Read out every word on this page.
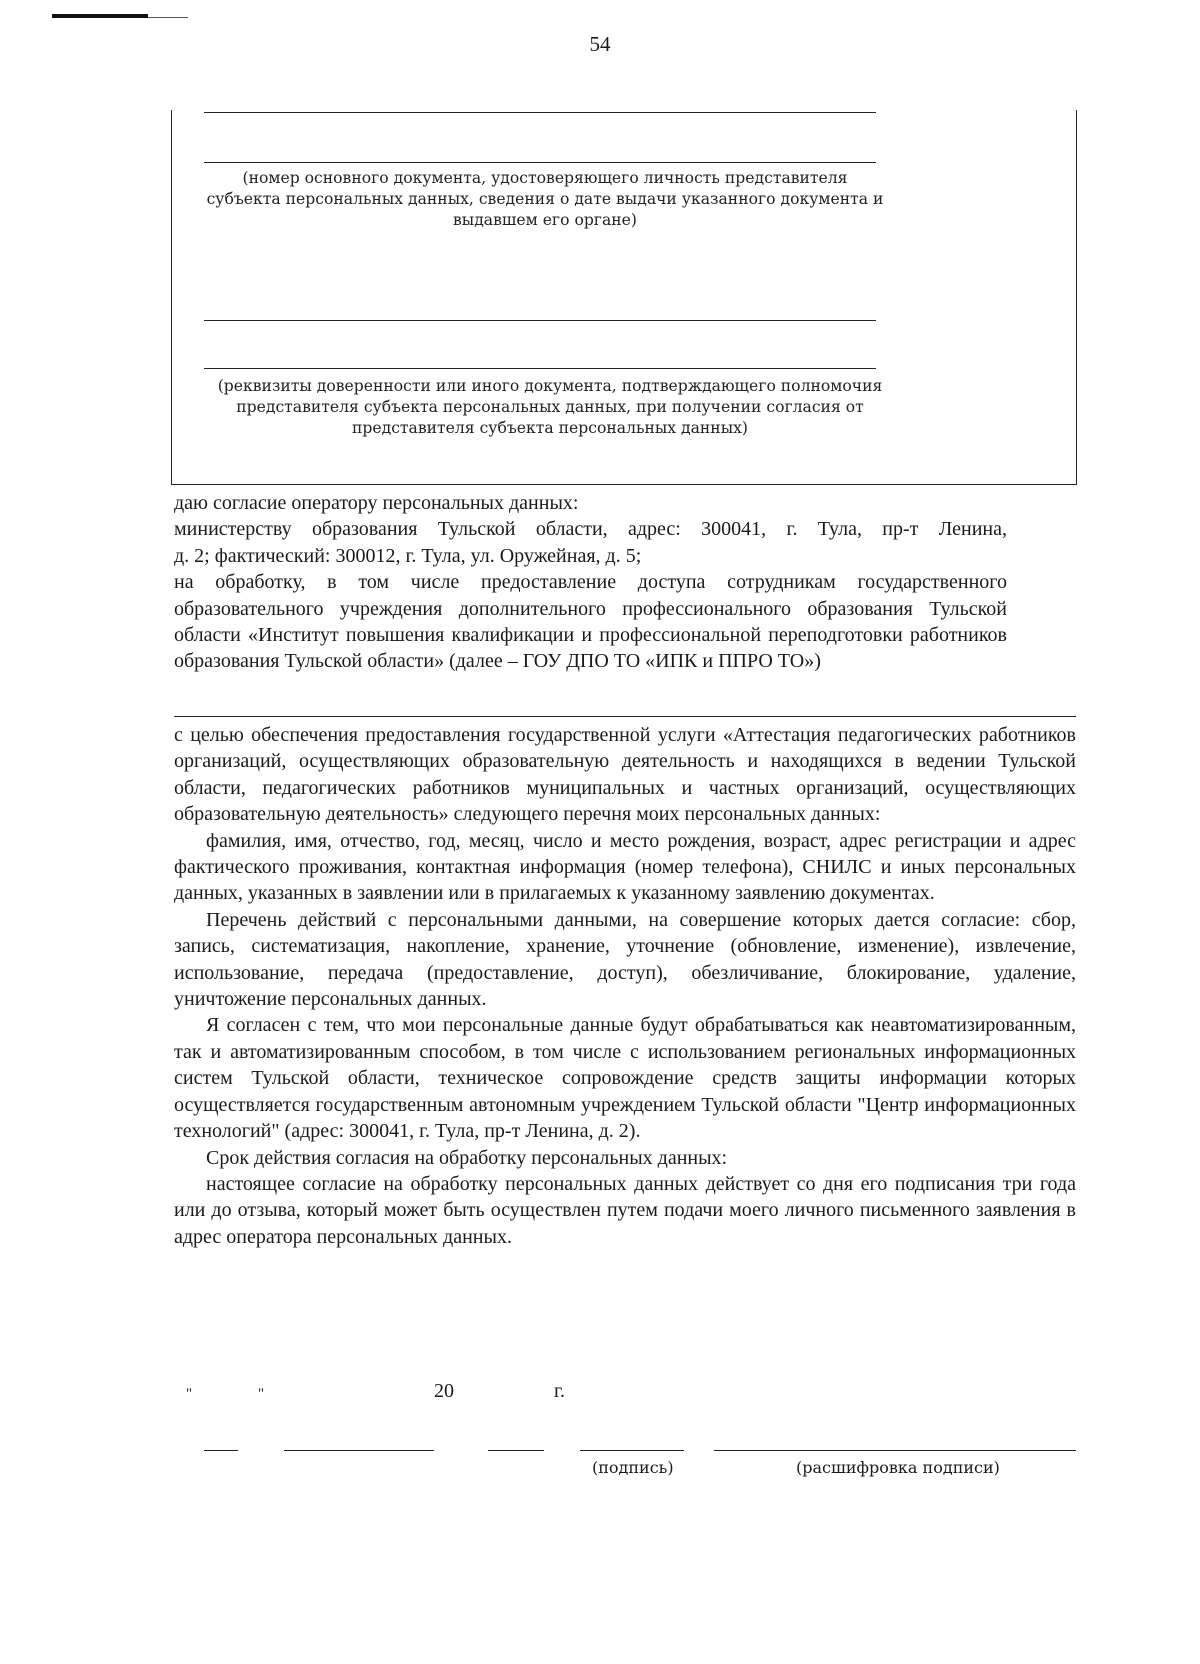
54
(номер основного документа, удостоверяющего личность представителя
субъекта персональных данных, сведения о дате выдачи указанного документа и
выдавшем его органе)
(реквизиты доверенности или иного документа, подтверждающего полномочия
представителя субъекта персональных данных, при получении согласия от
представителя субъекта персональных данных)

даю согласие оператору персональных данных:

министерству образования Тульской области, адрес: 300041, г. Тула, пр-т Ленина,

д. 2; фактический: 300012, г. Тула, ул. Оружейная, д. 5;

на обработку, в том числе предоставление доступа сотрудникам государственного образовательного учреждения дополнительного профессионального образования Тульской области «Институт повышения квалификации и профессиональной переподготовки работников образования Тульской области» (далее – ГОУ ДПО ТО «ИПК и ППРО ТО»)

с целью обеспечения предоставления государственной услуги «Аттестация педагогических работников организаций, осуществляющих образовательную деятельность и находящихся в ведении Тульской области, педагогических работников муниципальных и частных организаций, осуществляющих образовательную деятельность» следующего перечня моих персональных данных:

фамилия, имя, отчество, год, месяц, число и место рождения, возраст, адрес регистрации и адрес фактического проживания, контактная информация (номер телефона), СНИЛС и иных персональных данных, указанных в заявлении или в прилагаемых к указанному заявлению документах.

Перечень действий с персональными данными, на совершение которых дается согласие: сбор, запись, систематизация, накопление, хранение, уточнение (обновление, изменение), извлечение, использование, передача (предоставление, доступ), обезличивание, блокирование, удаление, уничтожение персональных данных.

Я согласен с тем, что мои персональные данные будут обрабатываться как неавтоматизированным, так и автоматизированным способом, в том числе с использованием региональных информационных систем Тульской области, техническое сопровождение средств защиты информации которых осуществляется государственным автономным учреждением Тульской области "Центр информационных технологий" (адрес: 300041, г. Тула, пр-т Ленина, д. 2).

Срок действия согласия на обработку персональных данных:

настоящее согласие на обработку персональных данных действует со дня его подписания три года или до отзыва, который может быть осуществлен путем подачи моего личного письменного заявления в адрес оператора персональных данных.

"	"	20	г.
(подпись)	(расшифровка подписи)
